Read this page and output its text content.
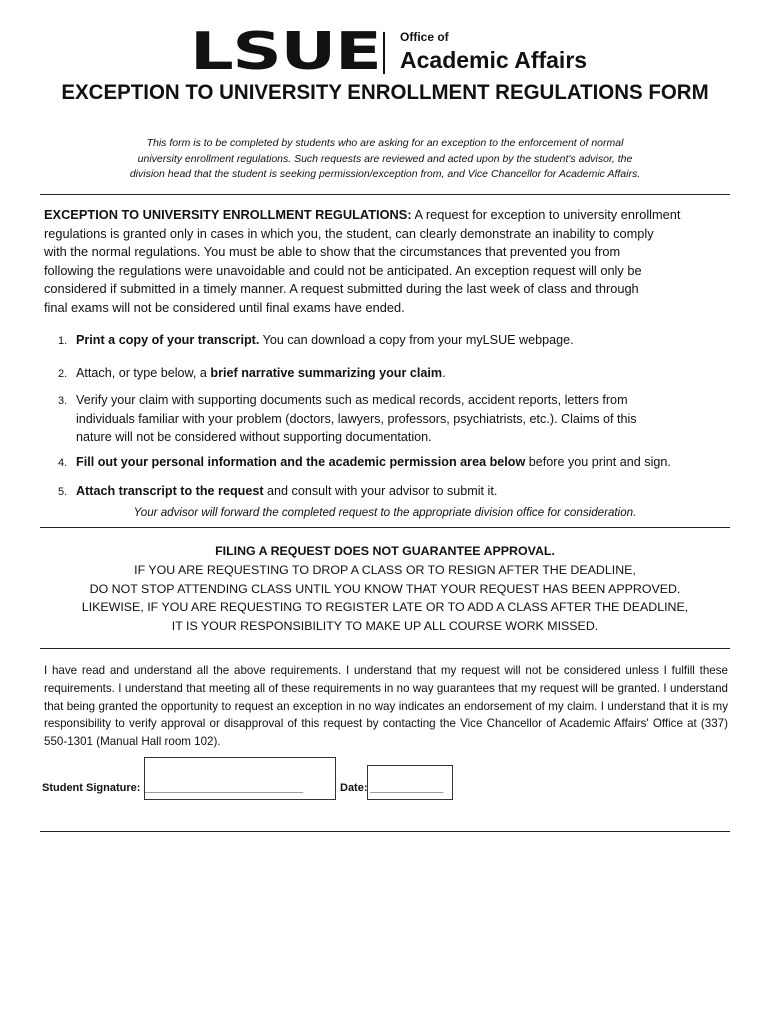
LSUE Office of
Academic Affairs
EXCEPTION TO UNIVERSITY ENROLLMENT REGULATIONS FORM
This form is to be completed by students who are asking for an exception to the enforcement of normal
university enrollment regulations. Such requests are reviewed and acted upon by the student's advisor, the
division head that the student is seeking permission/exception from, and Vice Chancellor for Academic Affairs.
EXCEPTION TO UNIVERSITY ENROLLMENT REGULATIONS: A request for exception to university enrollment
regulations is granted only in cases in which you, the student, can clearly demonstrate an inability to comply
with the normal regulations. You must be able to show that the circumstances that prevented you from
following the regulations were unavoidable and could not be anticipated. An exception request will only be
considered if submitted in a timely manner. A request submitted during the last week of class and through
final exams will not be considered until final exams have ended.
1. Print a copy of your transcript. You can download a copy from your myLSUE webpage.
2. Attach, or type below, a brief narrative summarizing your claim.
3. Verify your claim with supporting documents such as medical records, accident reports, letters from
individuals familiar with your problem (doctors, lawyers, professors, psychiatrists, etc.). Claims of this
nature will not be considered without supporting documentation.
4. Fill out your personal information and the academic permission area below before you print and sign.
5. Attach transcript to the request and consult with your advisor to submit it.
Your advisor will forward the completed request to the appropriate division office for consideration.
FILING A REQUEST DOES NOT GUARANTEE APPROVAL.
IF YOU ARE REQUESTING TO DROP A CLASS OR TO RESIGN AFTER THE DEADLINE,
DO NOT STOP ATTENDING CLASS UNTIL YOU KNOW THAT YOUR REQUEST HAS BEEN APPROVED.
LIKEWISE, IF YOU ARE REQUESTING TO REGISTER LATE OR TO ADD A CLASS AFTER THE DEADLINE,
IT IS YOUR RESPONSIBILITY TO MAKE UP ALL COURSE WORK MISSED.
I have read and understand all the above requirements. I understand that my request will not be considered unless I fulfill these requirements. I understand that meeting all of these requirements in no way guarantees that my request will be granted. I understand that being granted the opportunity to request an exception in no way indicates an endorsement of my claim. I understand that it is my responsibility to verify approval or disapproval of this request by contacting the Vice Chancellor of Academic Affairs' Office at (337) 550-1301 (Manual Hall room 102).
Student Signature: __________________________	Date: ____________
